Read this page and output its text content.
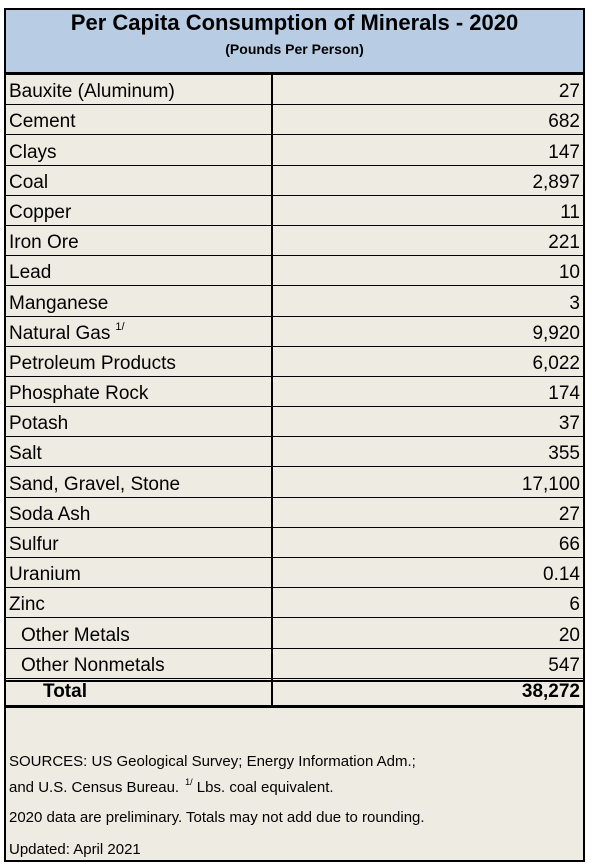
Per Capita Consumption of Minerals - 2020
(Pounds Per Person)
Bauxite (Aluminum)	27
Cement	682
Clays	147
Coal	2,897
Copper	11
Iron Ore	221
Lead	10
Manganese	3
Natural Gas $^{1/}$	9,920
Petroleum Products	6,022
Phosphate Rock	174
Potash	37
Salt	355
Sand, Gravel, Stone	17,100
Soda Ash	27
Sulfur	66
Uranium	0.14
Zinc	6
Other Metals	20
Other Nonmetals	547
Total	38,272
SOURCES: US Geological Survey; Energy Information Adm.;
and U.S. Census Bureau. $^{1/}$ Lbs. coal equivalent.
2020 data are preliminary. Totals may not add due to rounding.
Updated: April 2021
